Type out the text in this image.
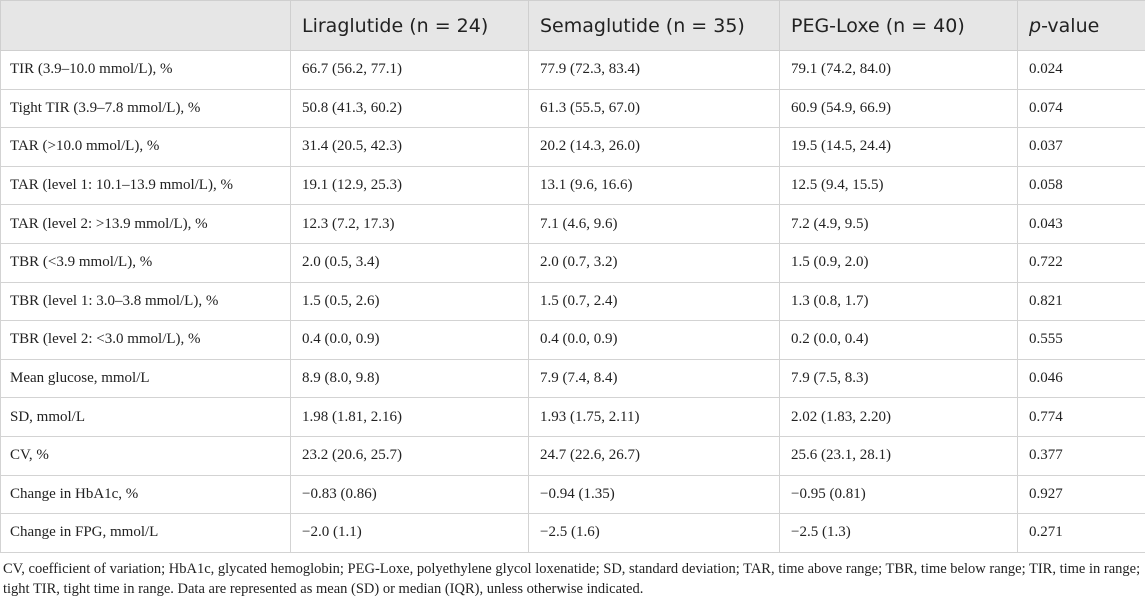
	Liraglutide (n = 24)	Semaglutide (n = 35)	PEG-Loxe (n = 40)	p-value
TIR (3.9–10.0 mmol/L), %	66.7 (56.2, 77.1)	77.9 (72.3, 83.4)	79.1 (74.2, 84.0)	0.024
Tight TIR (3.9–7.8 mmol/L), %	50.8 (41.3, 60.2)	61.3 (55.5, 67.0)	60.9 (54.9, 66.9)	0.074
TAR (>10.0 mmol/L), %	31.4 (20.5, 42.3)	20.2 (14.3, 26.0)	19.5 (14.5, 24.4)	0.037
TAR (level 1: 10.1–13.9 mmol/L), %	19.1 (12.9, 25.3)	13.1 (9.6, 16.6)	12.5 (9.4, 15.5)	0.058
TAR (level 2: >13.9 mmol/L), %	12.3 (7.2, 17.3)	7.1 (4.6, 9.6)	7.2 (4.9, 9.5)	0.043
TBR (<3.9 mmol/L), %	2.0 (0.5, 3.4)	2.0 (0.7, 3.2)	1.5 (0.9, 2.0)	0.722
TBR (level 1: 3.0–3.8 mmol/L), %	1.5 (0.5, 2.6)	1.5 (0.7, 2.4)	1.3 (0.8, 1.7)	0.821
TBR (level 2: <3.0 mmol/L), %	0.4 (0.0, 0.9)	0.4 (0.0, 0.9)	0.2 (0.0, 0.4)	0.555
Mean glucose, mmol/L	8.9 (8.0, 9.8)	7.9 (7.4, 8.4)	7.9 (7.5, 8.3)	0.046
SD, mmol/L	1.98 (1.81, 2.16)	1.93 (1.75, 2.11)	2.02 (1.83, 2.20)	0.774
CV, %	23.2 (20.6, 25.7)	24.7 (22.6, 26.7)	25.6 (23.1, 28.1)	0.377
Change in HbA1c, %	−0.83 (0.86)	−0.94 (1.35)	−0.95 (0.81)	0.927
Change in FPG, mmol/L	−2.0 (1.1)	−2.5 (1.6)	−2.5 (1.3)	0.271
CV, coefficient of variation; HbA1c, glycated hemoglobin; PEG-Loxe, polyethylene glycol loxenatide; SD, standard deviation; TAR, time above range; TBR, time below range; TIR, time in range; tight TIR, tight time in range. Data are represented as mean (SD) or median (IQR), unless otherwise indicated.
